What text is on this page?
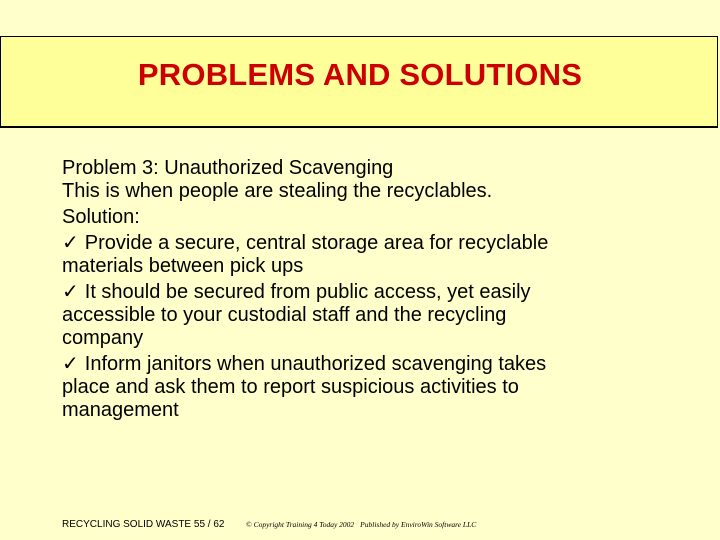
PROBLEMS AND SOLUTIONS
Problem 3: Unauthorized Scavenging
This is when people are stealing the recyclables.
Solution:
✓ Provide a secure, central storage area for recyclable
materials between pick ups
✓ It should be secured from public access, yet easily
accessible to your custodial staff and the recycling
company
✓ Inform janitors when unauthorized scavenging takes
place and ask them to report suspicious activities to
management
RECYCLING SOLID WASTE 55 / 62	© Copyright Training 4 Today 2002 Published by EnviroWin Software LLC
